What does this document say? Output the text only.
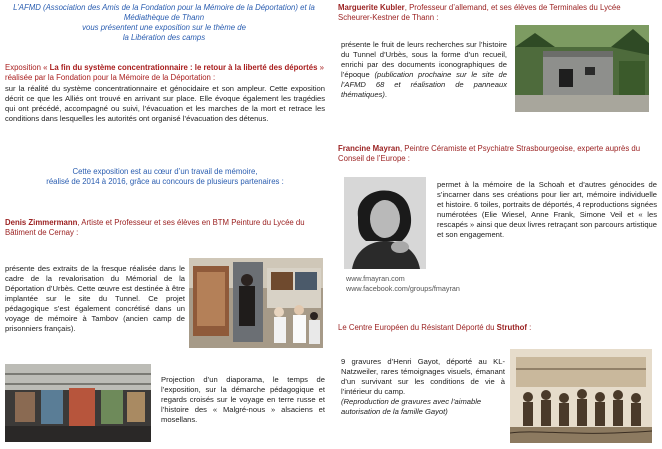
L’AFMD (Association des Amis de la Fondation pour la Mémoire de la Déportation) et la Médiathèque de Thann

vous présentent une exposition sur le thème de

la Libération des camps

Exposition « La fin du système concentrationnaire : le retour à la liberté des déportés » réalisée par la Fondation pour la Mémoire de la Déportation :

sur la réalité du système concentrationnaire et génocidaire et son ampleur. Cette exposition décrit ce que les Alliés ont trouvé en arrivant sur place. Elle évoque également les tragédies qui ont précédé, accompagné ou suivi, l’évacuation et les marches de la mort et retrace les conditions dans lesquelles les autorités ont organisé l’évacuation des détenus.

Cette exposition est au cœur d’un travail de mémoire,

réalisé de 2014 à 2016, grâce au concours de plusieurs partenaires :

Denis Zimmermann, Artiste et Professeur et ses élèves en BTM Peinture du Lycée du Bâtiment de Cernay :

présente des extraits de la fresque réalisée dans le cadre de la revalorisation du Mémorial de la Déportation d’Urbès. Cette œuvre est destinée à être implantée sur le site du Tunnel. Ce projet pédagogique s’est également concrétisé dans un voyage de mémoire à Tambov (ancien camp de prisonniers français).

Projection d’un diaporama, le temps de l’exposition, sur la démarche pédagogique et regards croisés sur le voyage en terre russe et l’histoire des « Malgré-nous » alsaciens et mosellans.

Marguerite Kubler, Professeur d’allemand, et ses élèves de Terminales du Lycée Scheurer-Kestner de Thann :

présente le fruit de leurs recherches sur l’histoire du Tunnel d’Urbès, sous la forme d’un recueil, enrichi par des documents iconographiques de l’époque (publication prochaine sur le site de l’AFMD 68 et réalisation de panneaux thématiques).

Francine Mayran, Peintre Céramiste et Psychiatre Strasbourgeoise, experte auprès du Conseil de l’Europe :

permet à la mémoire de la Schoah et d’autres génocides de s’incarner dans ses créations pour lier art, mémoire individuelle et histoire. 6 toiles, portraits de déportés, 4 reproductions signées numérotées (Elie Wiesel, Anne Frank, Simone Veil et « les rescapés » ainsi que deux livres retraçant son parcours artistique et son engagement.

www.fmayran.com

www.facebook.com/groups/fmayran

Le Centre Européen du Résistant Déporté du Struthof :

9 gravures d’Henri Gayot, déporté au KL-Natzweiler, rares témoignages visuels, émanant d’un survivant sur les conditions de vie à l’intérieur du camp.

(Reproduction de gravures avec l’aimable autorisation de la famille Gayot)
